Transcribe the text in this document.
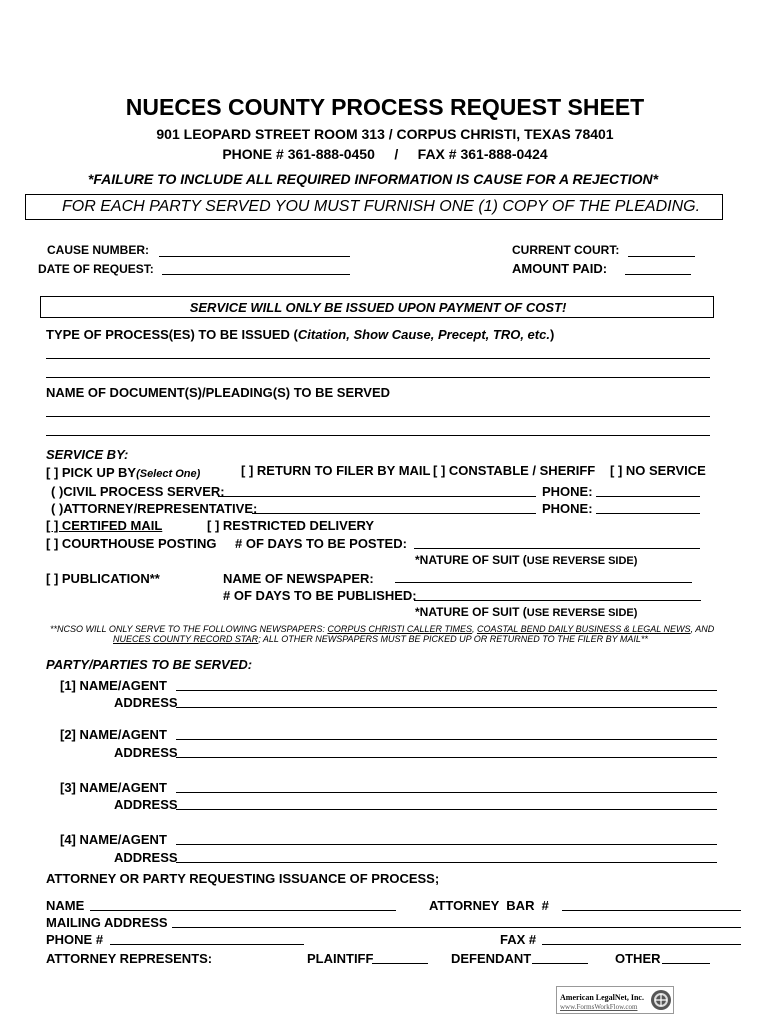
NUECES COUNTY PROCESS REQUEST SHEET
901 LEOPARD STREET ROOM 313 / CORPUS CHRISTI, TEXAS 78401
PHONE # 361-888-0450     /     FAX # 361-888-0424
*FAILURE TO INCLUDE ALL REQUIRED INFORMATION IS CAUSE FOR A REJECTION*
FOR EACH PARTY SERVED YOU MUST FURNISH ONE (1) COPY OF THE PLEADING.
CAUSE NUMBER:
DATE OF REQUEST:
CURRENT COURT:
AMOUNT PAID:
SERVICE WILL ONLY BE ISSUED UPON PAYMENT OF COST!
TYPE OF PROCESS(ES) TO BE ISSUED (Citation, Show Cause, Precept, TRO, etc.)
NAME OF DOCUMENT(S)/PLEADING(S) TO BE SERVED
SERVICE BY:
[ ] PICK UP BY(Select One)	[ ] RETURN TO FILER BY MAIL [ ] CONSTABLE / SHERIFF [ ] NO SERVICE
( )CIVIL PROCESS SERVER:	PHONE:
( )ATTORNEY/REPRESENTATIVE:	PHONE:
[ ] CERTIFED MAIL	[ ] RESTRICTED DELIVERY
[ ] COURTHOUSE POSTING # OF DAYS TO BE POSTED:
*NATURE OF SUIT (USE REVERSE SIDE)
[ ] PUBLICATION**	NAME OF NEWSPAPER:
# OF DAYS TO BE PUBLISHED:
*NATURE OF SUIT (USE REVERSE SIDE)
**NCSO WILL ONLY SERVE TO THE FOLLOWING NEWSPAPERS: CORPUS CHRISTI CALLER TIMES, COASTAL BEND DAILY BUSINESS & LEGAL NEWS, AND
NUECES COUNTY RECORD STAR; ALL OTHER NEWSPAPERS MUST BE PICKED UP OR RETURNED TO THE FILER BY MAIL**
PARTY/PARTIES TO BE SERVED:
[1] NAME/AGENT
ADDRESS
[2] NAME/AGENT
ADDRESS
[3] NAME/AGENT
ADDRESS
[4] NAME/AGENT
ADDRESS
ATTORNEY OR PARTY REQUESTING ISSUANCE OF PROCESS;
NAME	ATTORNEY  BAR  #
MAILING ADDRESS
PHONE #	FAX #
ATTORNEY REPRESENTS:	PLAINTIFF	DEFENDANT	OTHER
American LegalNet, Inc.
www.FormsWorkFlow.com
